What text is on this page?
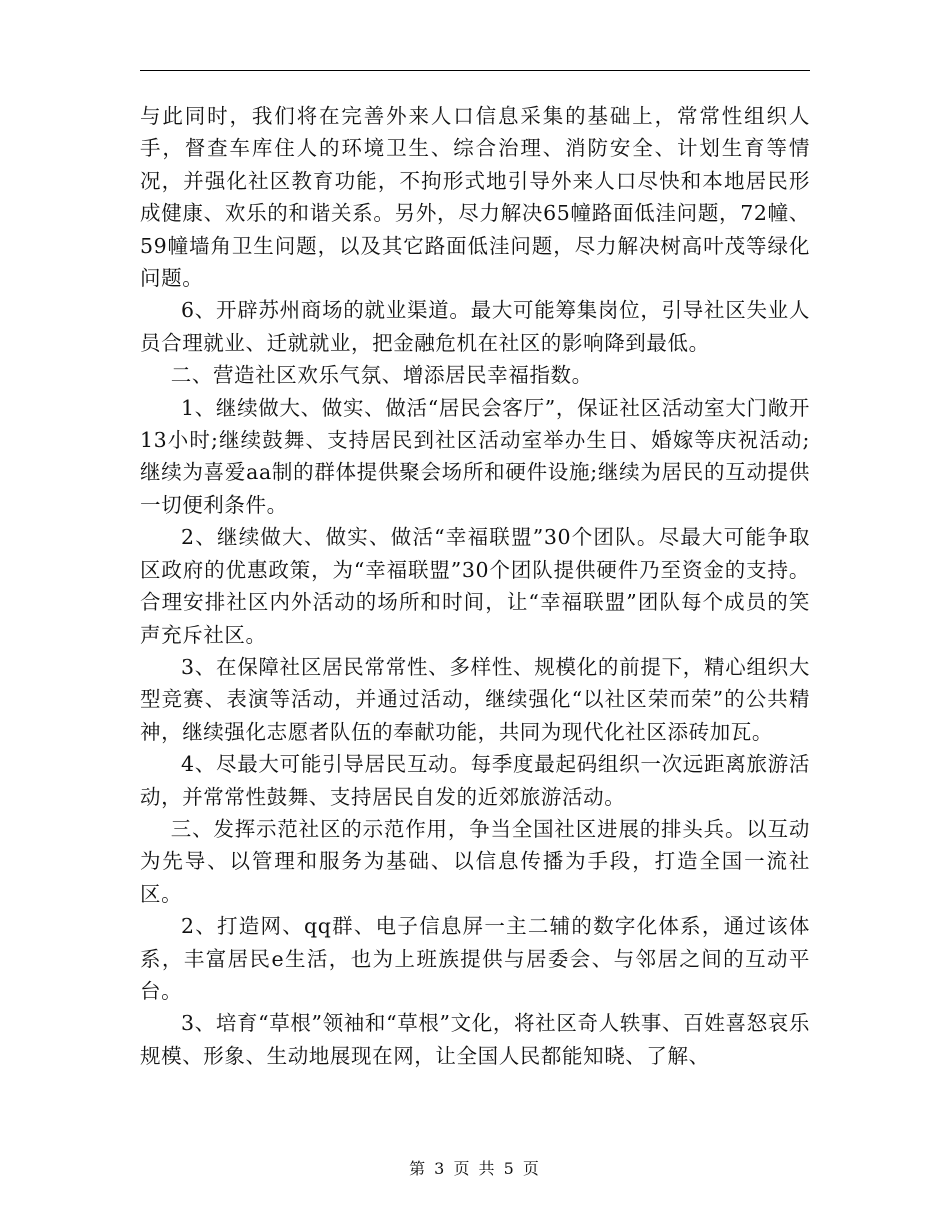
与此同时，我们将在完善外来人口信息采集的基础上，常常性组织人手，督查车库住人的环境卫生、综合治理、消防安全、计划生育等情况，并强化社区教育功能，不拘形式地引导外来人口尽快和本地居民形成健康、欢乐的和谐关系。另外，尽力解决65幢路面低洼问题，72幢、59幢墙角卫生问题，以及其它路面低洼问题，尽力解决树高叶茂等绿化问题。

6、开辟苏州商场的就业渠道。最大可能筹集岗位，引导社区失业人员合理就业、迁就就业，把金融危机在社区的影响降到最低。

二、营造社区欢乐气氛、增添居民幸福指数。

1、继续做大、做实、做活“居民会客厅”，保证社区活动室大门敞开13小时;继续鼓舞、支持居民到社区活动室举办生日、婚嫁等庆祝活动;继续为喜爱aa制的群体提供聚会场所和硬件设施;继续为居民的互动提供一切便利条件。

2、继续做大、做实、做活“幸福联盟”30个团队。尽最大可能争取区政府的优惠政策，为“幸福联盟”30个团队提供硬件乃至资金的支持。合理安排社区内外活动的场所和时间，让“幸福联盟”团队每个成员的笑声充斥社区。

3、在保障社区居民常常性、多样性、规模化的前提下，精心组织大型竞赛、表演等活动，并通过活动，继续强化“以社区荣而荣”的公共精神，继续强化志愿者队伍的奉献功能，共同为现代化社区添砖加瓦。

4、尽最大可能引导居民互动。每季度最起码组织一次远距离旅游活动，并常常性鼓舞、支持居民自发的近郊旅游活动。

三、发挥示范社区的示范作用，争当全国社区进展的排头兵。以互动为先导、以管理和服务为基础、以信息传播为手段，打造全国一流社区。

2、打造网、qq群、电子信息屏一主二辅的数字化体系，通过该体系，丰富居民e生活，也为上班族提供与居委会、与邻居之间的互动平台。

3、培育“草根”领袖和“草根”文化，将社区奇人轶事、百姓喜怒哀乐规模、形象、生动地展现在网，让全国人民都能知晓、了解、

第 3 页 共 5 页
